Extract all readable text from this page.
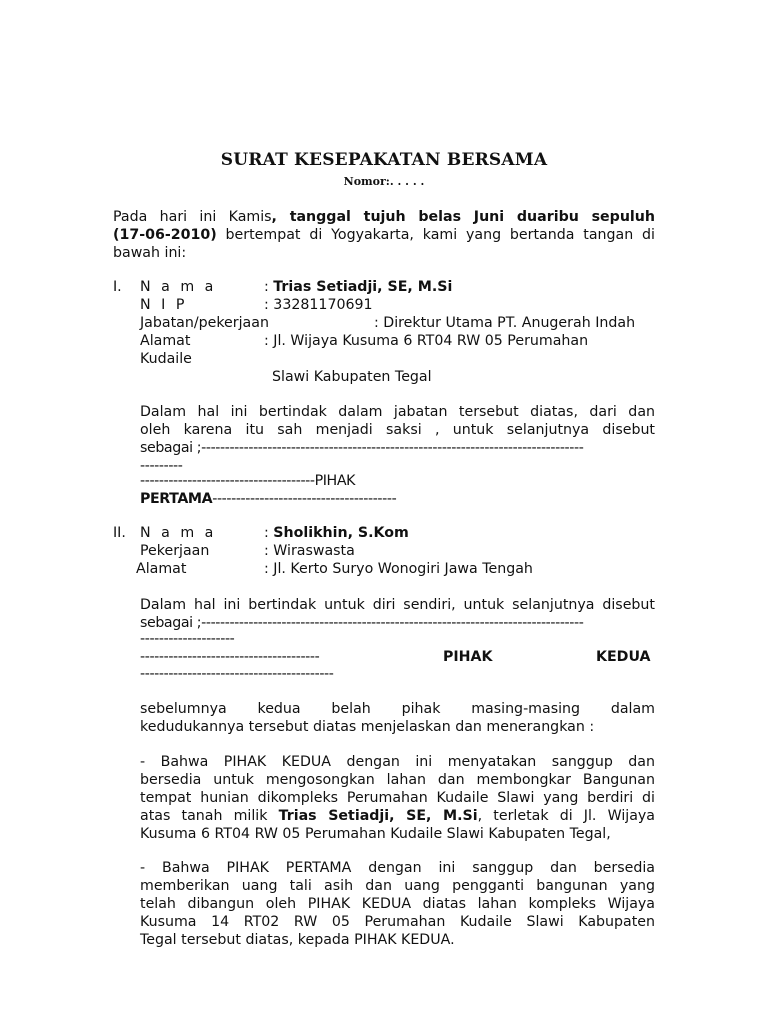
SURAT KESEPAKATAN BERSAMA
Nomor:. . . . .
Pada hari ini Kamis, tanggal tujuh belas Juni duaribu sepuluh
(17-06-2010) bertempat di Yogyakarta, kami yang bertanda tangan di
bawah ini:
I. N a m a	: Trias Setiadji, SE, M.Si
N I P	: 33281170691
Jabatan/pekerjaan	: Direktur Utama PT. Anugerah Indah
Alamat	: Jl. Wijaya Kusuma 6 RT04 RW 05 Perumahan
Kudaile
Slawi Kabupaten Tegal
Dalam hal ini bertindak dalam jabatan tersebut diatas, dari dan
oleh karena itu sah menjadi saksi , untuk selanjutnya disebut
sebagai ;---------------------------------------------------------------------------------
---------
-------------------------------------PIHAK
PERTAMA---------------------------------------
II. N a m a	: Sholikhin, S.Kom
Pekerjaan	: Wiraswasta
Alamat	: Jl. Kerto Suryo Wonogiri Jawa Tengah
Dalam hal ini bertindak untuk diri sendiri, untuk selanjutnya disebut
sebagai ;---------------------------------------------------------------------------------
--------------------
--------------------------------------	PIHAK	KEDUA
-----------------------------------------
sebelumnya kedua belah pihak masing-masing dalam
kedudukannya tersebut diatas menjelaskan dan menerangkan :
- Bahwa PIHAK KEDUA dengan ini menyatakan sanggup dan
bersedia untuk mengosongkan lahan dan membongkar Bangunan
tempat hunian dikompleks Perumahan Kudaile Slawi yang berdiri di
atas tanah milik Trias Setiadji, SE, M.Si, terletak di Jl. Wijaya
Kusuma 6 RT04 RW 05 Perumahan Kudaile Slawi Kabupaten Tegal,
- Bahwa PIHAK PERTAMA dengan ini sanggup dan bersedia
memberikan uang tali asih dan uang pengganti bangunan yang
telah dibangun oleh PIHAK KEDUA diatas lahan kompleks Wijaya
Kusuma 14 RT02 RW 05 Perumahan Kudaile Slawi Kabupaten
Tegal tersebut diatas, kepada PIHAK KEDUA.
